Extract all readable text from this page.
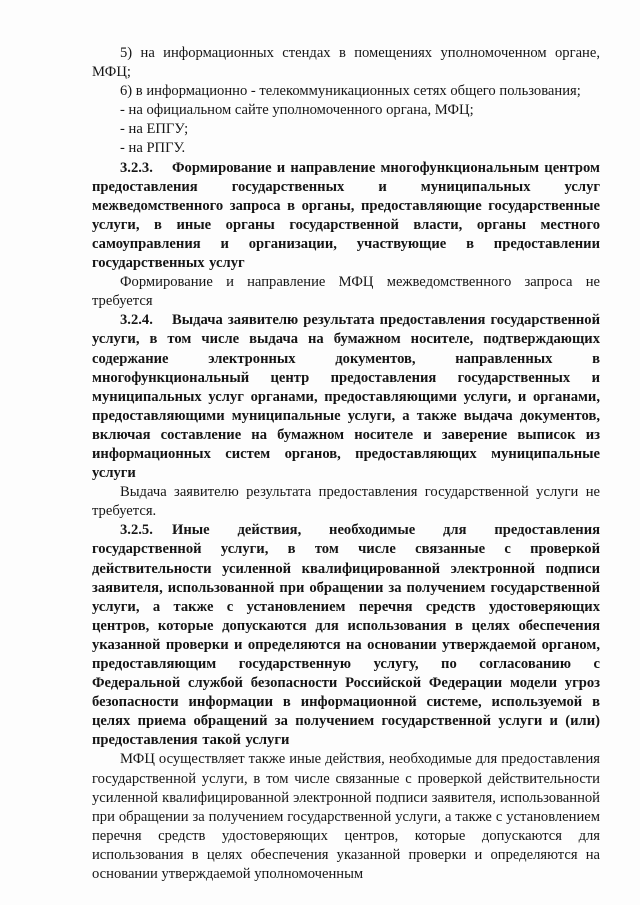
5) на информационных стендах в помещениях уполномоченном органе, МФЦ;

6) в информационно - телекоммуникационных сетях общего пользования;

- на официальном сайте уполномоченного органа, МФЦ;

- на ЕПГУ;

- на РПГУ.

3.2.3. Формирование и направление многофункциональным центром предоставления государственных и муниципальных услуг межведомственного запроса в органы, предоставляющие государственные услуги, в иные органы государственной власти, органы местного самоуправления и организации, участвующие в предоставлении государственных услуг

Формирование и направление МФЦ межведомственного запроса не требуется

3.2.4. Выдача заявителю результата предоставления государственной услуги, в том числе выдача на бумажном носителе, подтверждающих содержание электронных документов, направленных в многофункциональный центр предоставления государственных и муниципальных услуг органами, предоставляющими услуги, и органами, предоставляющими муниципальные услуги, а также выдача документов, включая составление на бумажном носителе и заверение выписок из информационных систем органов, предоставляющих муниципальные услуги

Выдача заявителю результата предоставления государственной услуги не требуется.

3.2.5. Иные действия, необходимые для предоставления государственной услуги, в том числе связанные с проверкой действительности усиленной квалифицированной электронной подписи заявителя, использованной при обращении за получением государственной услуги, а также с установлением перечня средств удостоверяющих центров, которые допускаются для использования в целях обеспечения указанной проверки и определяются на основании утверждаемой органом, предоставляющим государственную услугу, по согласованию с Федеральной службой безопасности Российской Федерации модели угроз безопасности информации в информационной системе, используемой в целях приема обращений за получением государственной услуги и (или) предоставления такой услуги

МФЦ осуществляет также иные действия, необходимые для предоставления государственной услуги, в том числе связанные с проверкой действительности усиленной квалифицированной электронной подписи заявителя, использованной при обращении за получением государственной услуги, а также с установлением перечня средств удостоверяющих центров, которые допускаются для использования в целях обеспечения указанной проверки и определяются на основании утверждаемой уполномоченным
